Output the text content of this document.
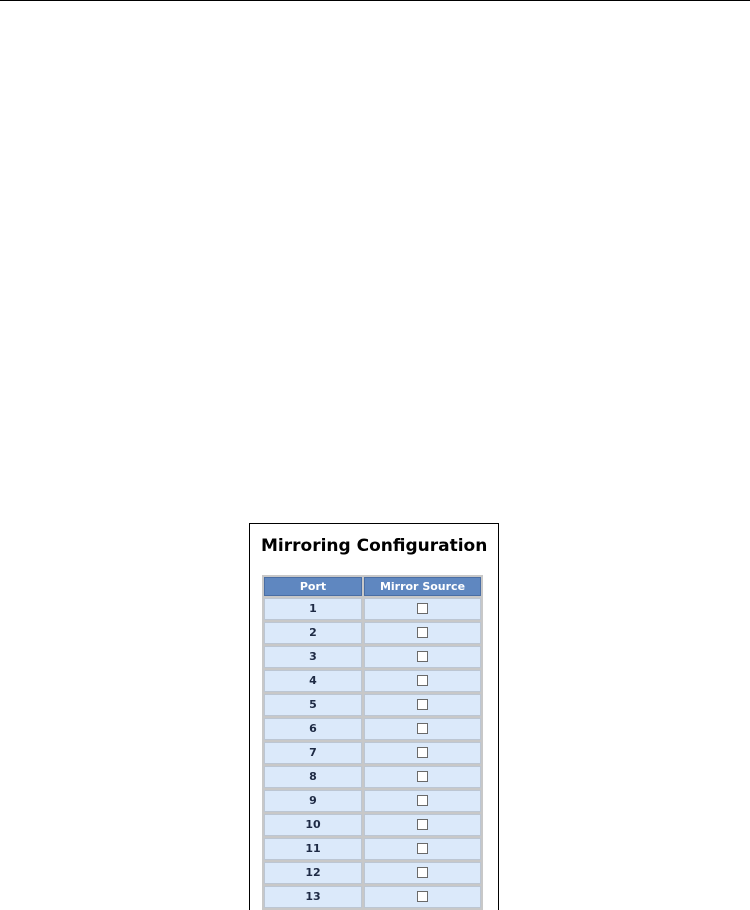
Mirroring Configuration
Port	Mirror Source
1	
2	
3	
4	
5	
6	
7	
8	
9	
10	
11	
12	
13	
